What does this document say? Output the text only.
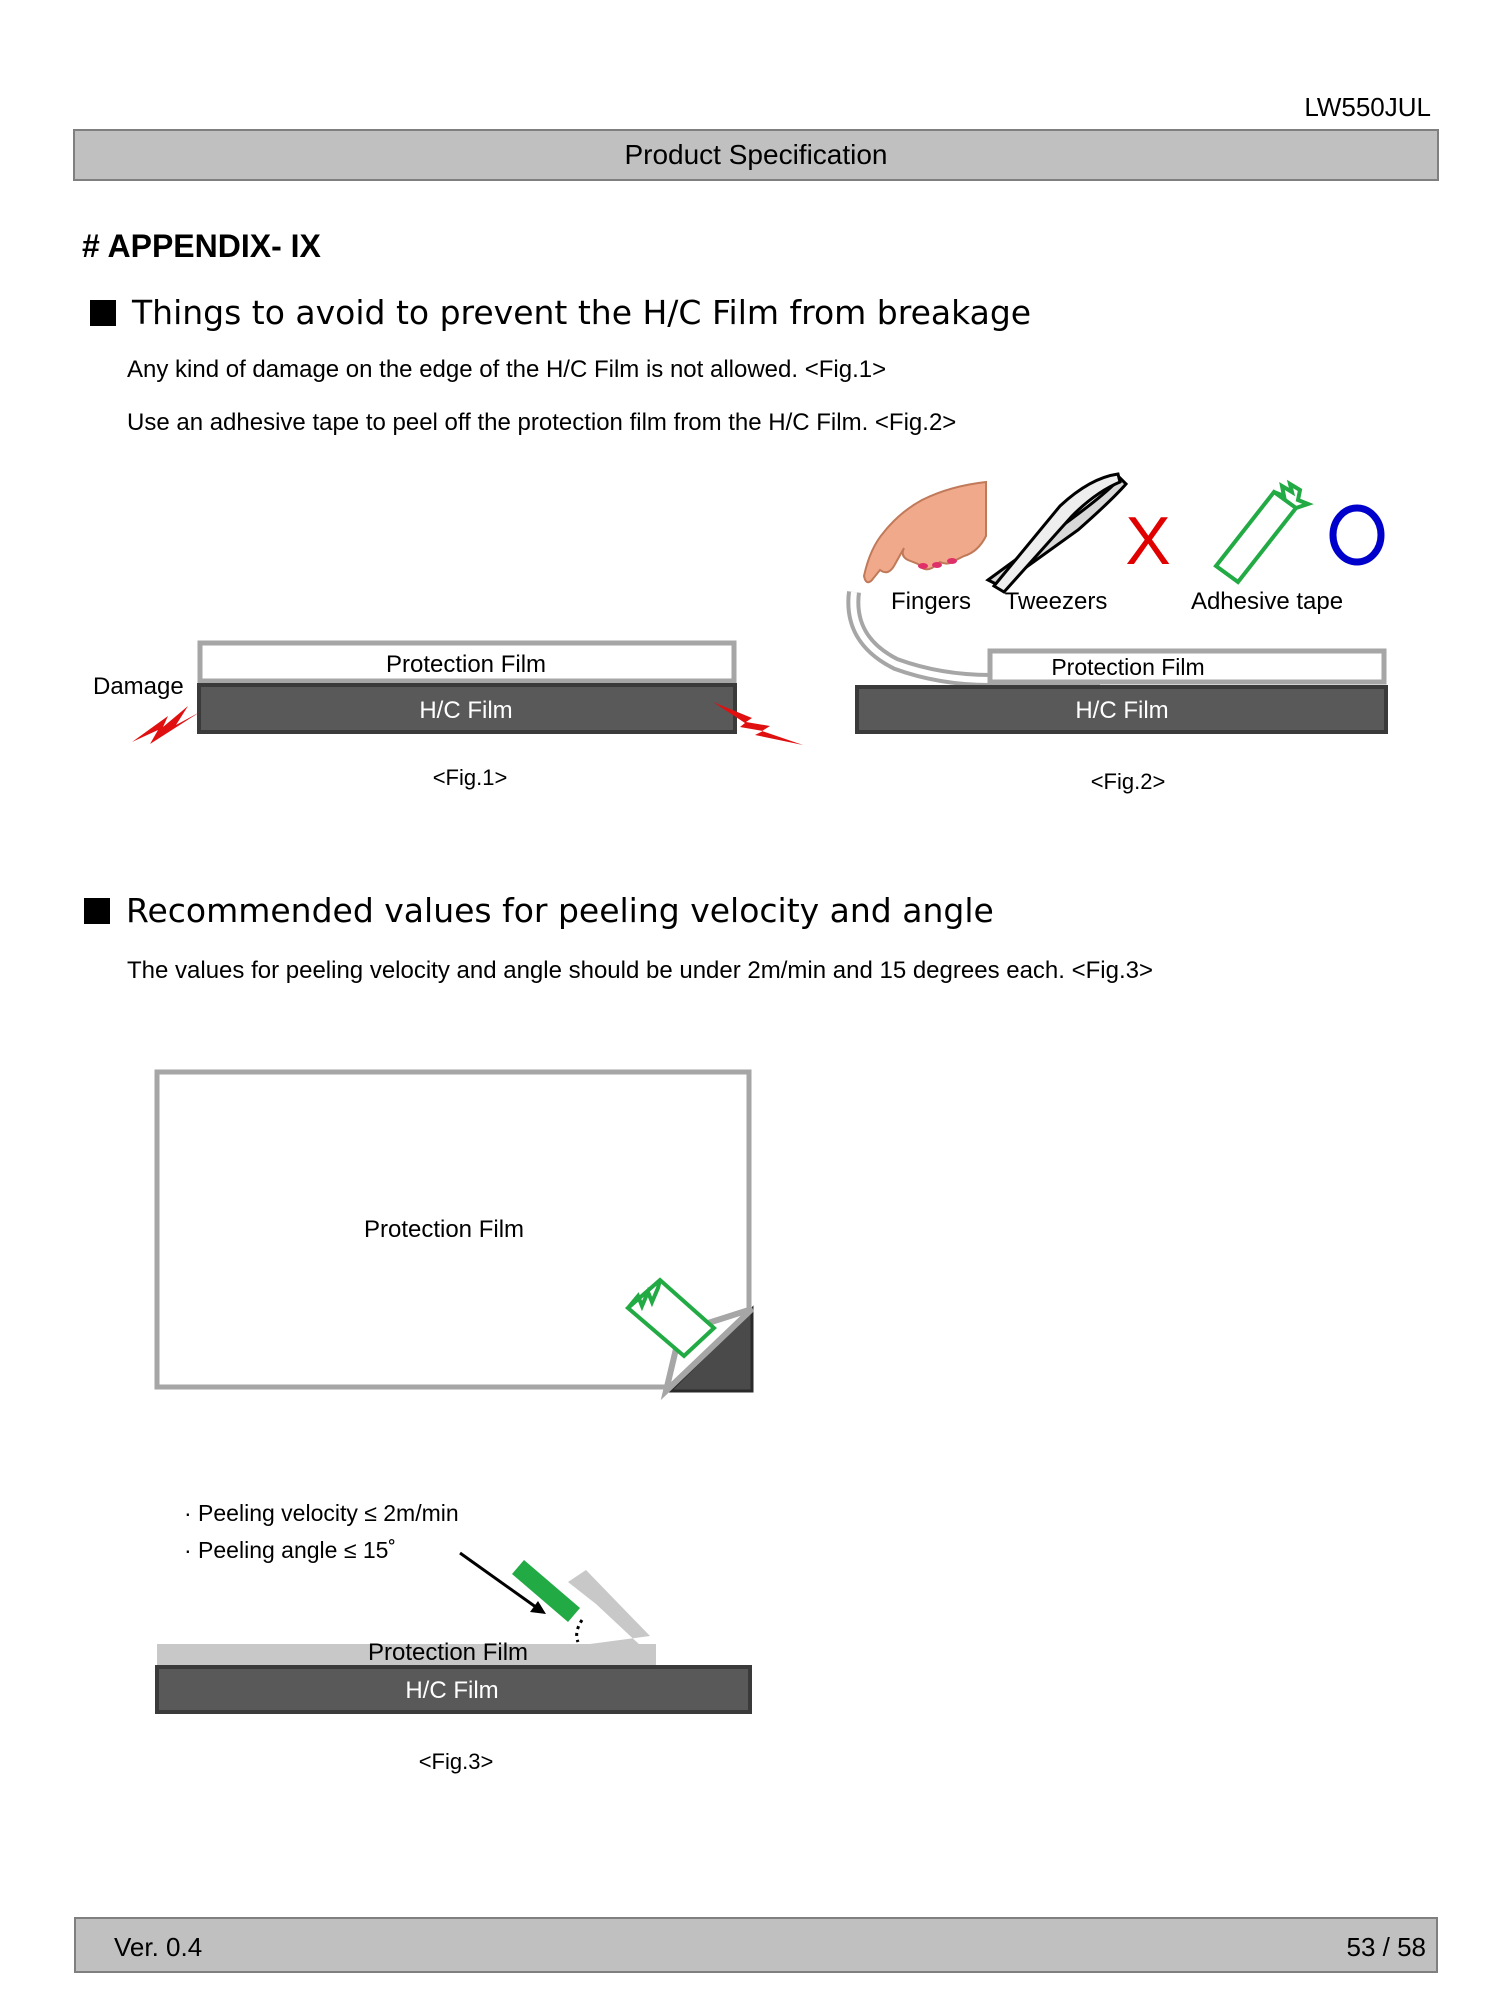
LW550JUL
Product Specification
# APPENDIX- IX
Things to avoid to prevent the H/C Film from breakage
Any kind of damage on the edge of the H/C Film is not allowed. <Fig.1>
Use an adhesive tape to peel off the protection film from the H/C Film. <Fig.2>
Recommended values for peeling velocity and angle
The values for peeling velocity and angle should be under 2m/min and 15 degrees each. <Fig.3>
Protection Film
H/C Film
Damage
<Fig.1>
Protection Film
H/C Film
X
Fingers Tweezers	Adhesive tape
<Fig.2>
Protection Film
· Peeling velocity ≤ 2m/min
· Peeling angle ≤ 15˚
Protection Film
H/C Film
<Fig.3>
Ver. 0.4	53 / 58
